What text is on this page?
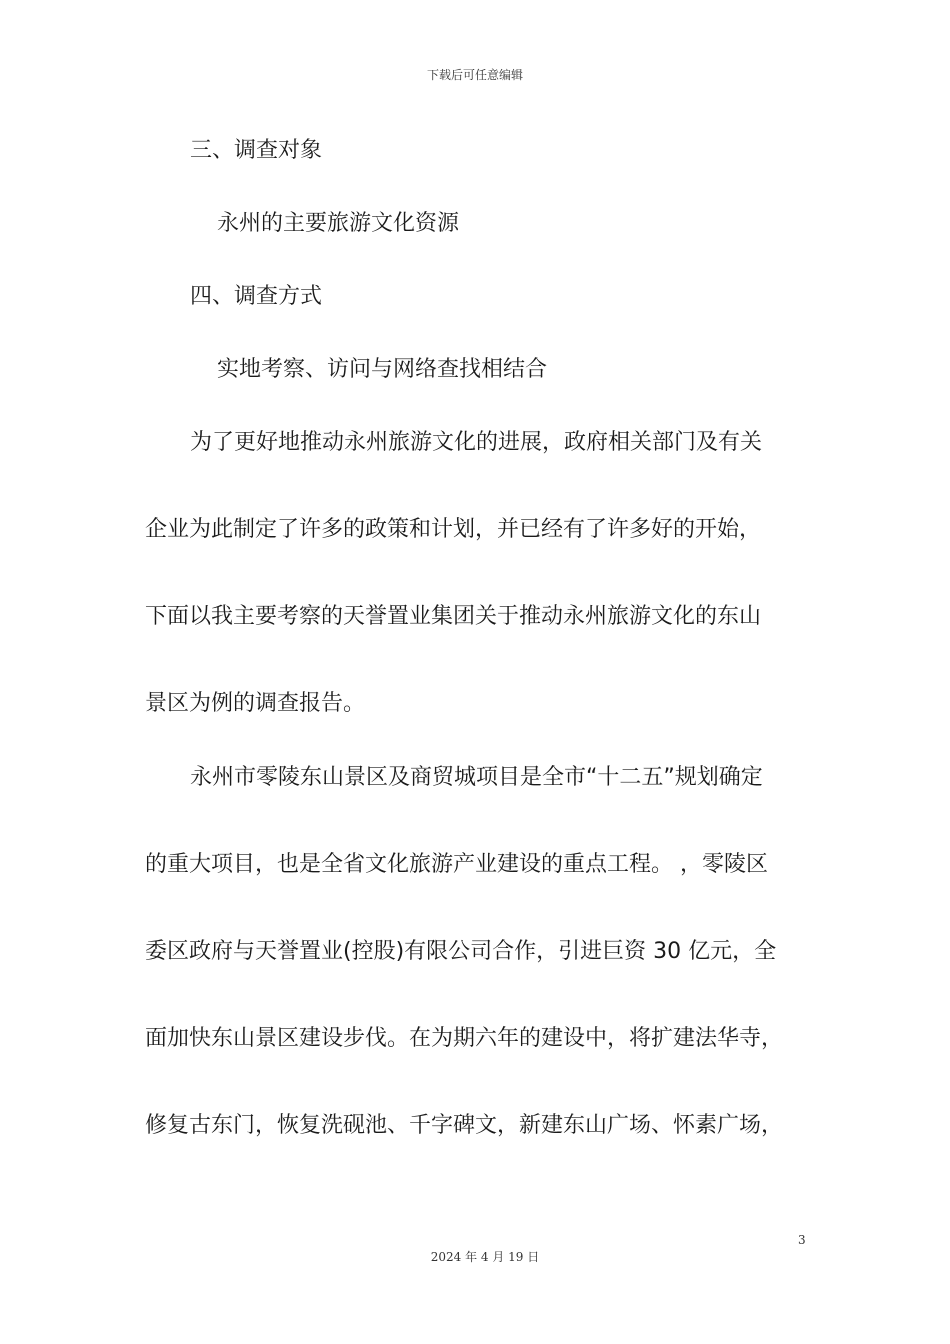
下载后可任意编辑
三、调查对象
永州的主要旅游文化资源
四、调查方式
实地考察、访问与网络查找相结合
为了更好地推动永州旅游文化的进展，政府相关部门及有关
企业为此制定了许多的政策和计划，并已经有了许多好的开始，
下面以我主要考察的天誉置业集团关于推动永州旅游文化的东山
景区为例的调查报告。
永州市零陵东山景区及商贸城项目是全市“十二五”规划确定
的重大项目，也是全省文化旅游产业建设的重点工程。 ，零陵区
委区政府与天誉置业(控股)有限公司合作，引进巨资 30 亿元，全
面加快东山景区建设步伐。在为期六年的建设中，将扩建法华寺，
修复古东门，恢复洗砚池、千字碑文，新建东山广场、怀素广场，
3
2024 年 4 月 19 日
